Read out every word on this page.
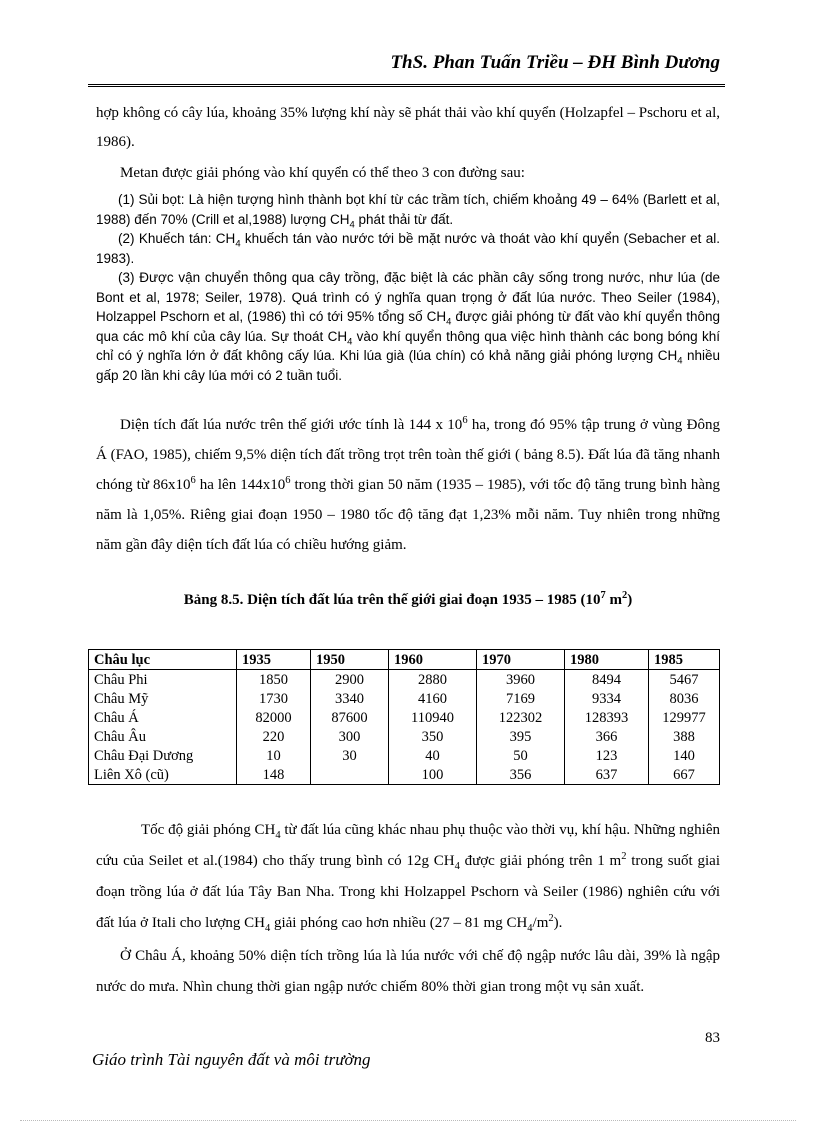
ThS. Phan Tuấn Triều – ĐH Bình Dương

hợp không có cây lúa, khoảng 35% lượng khí này sẽ phát thải vào khí quyển (Holzapfel – Pschoru et al, 1986).

Metan được giải phóng vào khí quyển có thể theo 3 con đường sau:

(1) Sủi bọt: Là hiện tượng hình thành bọt khí từ các trầm tích, chiếm khoảng 49 – 64% (Barlett et al, 1988) đến 70% (Crill et al,1988) lượng $CH_4$ phát thải từ đất.

(2) Khuếch tán: $CH_4$ khuếch tán vào nước tới bề mặt nước và thoát vào khí quyển (Sebacher et al. 1983).

(3) Được vận chuyển thông qua cây trồng, đặc biệt là các phần cây sống trong nước, như lúa (de Bont et al, 1978; Seiler, 1978). Quá trình có ý nghĩa quan trọng ở đất lúa nước. Theo Seiler (1984), Holzappel Pschorn et al, (1986) thì có tới 95% tổng số $CH_4$ được giải phóng từ đất vào khí quyển thông qua các mô khí của cây lúa. Sự thoát $CH_4$ vào khí quyển thông qua việc hình thành các bong bóng khí chỉ có ý nghĩa lớn ở đất không cấy lúa. Khi lúa già (lúa chín) có khả năng giải phóng lượng $CH_4$ nhiều gấp 20 lần khi cây lúa mới có 2 tuần tuổi.

Diện tích đất lúa nước trên thế giới ước tính là 144 x $10^6$ ha, trong đó 95% tập trung ở vùng Đông Á (FAO, 1985), chiếm 9,5% diện tích đất trồng trọt trên toàn thế giới ( bảng 8.5). Đất lúa đã tăng nhanh chóng từ $86x10^6$ ha lên $144x10^6$ trong thời gian 50 năm (1935 – 1985), với tốc độ tăng trung bình hàng năm là 1,05%. Riêng giai đoạn 1950 – 1980 tốc độ tăng đạt 1,23% mỗi năm. Tuy nhiên trong những năm gần đây diện tích đất lúa có chiều hướng giảm.

Bảng 8.5. Diện tích đất lúa trên thế giới giai đoạn 1935 – 1985 ($10^7$ $m^2$)
Châu lục	1935	1950	1960	1970	1980	1985
Châu Phi	1850	2900	2880	3960	8494	5467
Châu Mỹ	1730	3340	4160	7169	9334	8036
Châu Á	82000	87600	110940	122302	128393	129977
Châu Âu	220	300	350	395	366	388
Châu Đại Dương	10	30	40	50	123	140
Liên Xô (cũ)	148		100	356	637	667

Tốc độ giải phóng $CH_4$ từ đất lúa cũng khác nhau phụ thuộc vào thời vụ, khí hậu. Những nghiên cứu của Seilet et al.(1984) cho thấy trung bình có 12g $CH_4$ được giải phóng trên 1 $m^2$ trong suốt giai đoạn trồng lúa ở đất lúa Tây Ban Nha. Trong khi Holzappel Pschorn và Seiler (1986) nghiên cứu với đất lúa ở Itali cho lượng $CH_4$ giải phóng cao hơn nhiều (27 – 81 mg $CH_4/m^2$).

Ở Châu Á, khoảng 50% diện tích trồng lúa là lúa nước với chế độ ngập nước lâu dài, 39% là ngập nước do mưa. Nhìn chung thời gian ngập nước chiếm 80% thời gian trong một vụ sản xuất.

83
Giáo trình Tài nguyên đất và môi trường
